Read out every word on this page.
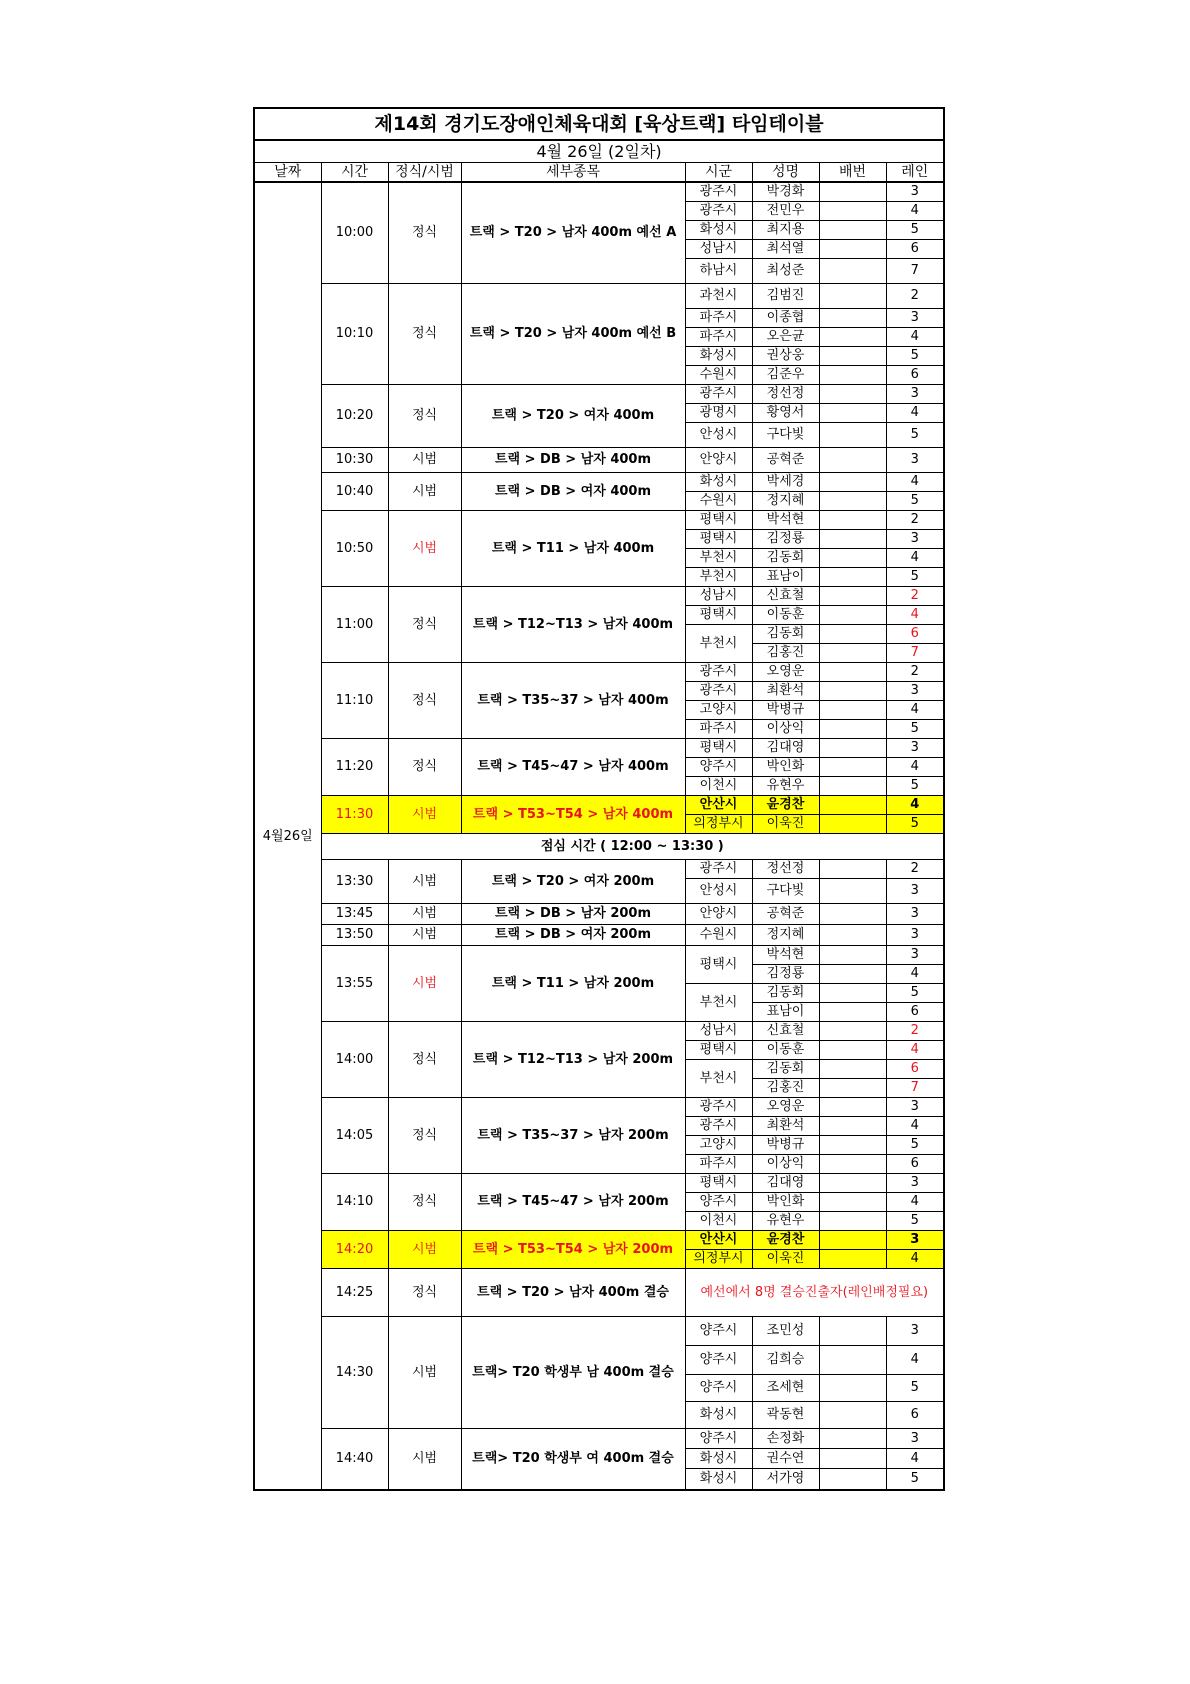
제14회 경기도장애인체육대회 [육상트랙] 타임테이블							
4월 26일 (2일차)							
날짜	시간	정식/시범	세부종목	시군	성명	배번	레인
4월26일	10:00	정식	트랙 > T20 > 남자 400m 예선 A	광주시	박경화		3
				광주시	전민우		4
				화성시	최지용		5
				성남시	최석열		6
				하남시	최성준		7
	10:10	정식	트랙 > T20 > 남자 400m 예선 B	과천시	김범진		2
				파주시	이종협		3
				파주시	오은균		4
				화성시	권상웅		5
				수원시	김준우		6
	10:20	정식	트랙 > T20 > 여자 400m	광주시	정선정		3
				광명시	황영서		4
				안성시	구다빛		5
	10:30	시범	트랙 > DB > 남자 400m	안양시	공혁준		3
	10:40	시범	트랙 > DB > 여자 400m	화성시	박세경		4
				수원시	정지혜		5
	10:50	시범	트랙 > T11 > 남자 400m	평택시	박석현		2
				평택시	김정룡		3
				부천시	김동회		4
				부천시	표남이		5
	11:00	정식	트랙 > T12~T13 > 남자 400m	성남시	신효철		2
				평택시	이동훈		4
				부천시	김동회		6
					김홍진		7
	11:10	정식	트랙 > T35~37 > 남자 400m	광주시	오영운		2
				광주시	최환석		3
				고양시	박병규		4
				파주시	이상익		5
	11:20	정식	트랙 > T45~47 > 남자 400m	평택시	김대영		3
				양주시	박인화		4
				이천시	유현우		5
	11:30	시범	트랙 > T53~T54 > 남자 400m	안산시	윤경찬		4
				의정부시	이욱진		5
	점심 시간 ( 12:00 ~ 13:30 )						
	13:30	시범	트랙 > T20 > 여자 200m	광주시	정선정		2
				안성시	구다빛		3
	13:45	시범	트랙 > DB > 남자 200m	안양시	공혁준		3
	13:50	시범	트랙 > DB > 여자 200m	수원시	정지혜		3
	13:55	시범	트랙 > T11 > 남자 200m	평택시	박석현		3
					김정룡		4
				부천시	김동회		5
					표남이		6
	14:00	정식	트랙 > T12~T13 > 남자 200m	성남시	신효철		2
				평택시	이동훈		4
				부천시	김동회		6
					김홍진		7
	14:05	정식	트랙 > T35~37 > 남자 200m	광주시	오영운		3
				광주시	최환석		4
				고양시	박병규		5
				파주시	이상익		6
	14:10	정식	트랙 > T45~47 > 남자 200m	평택시	김대영		3
				양주시	박인화		4
				이천시	유현우		5
	14:20	시범	트랙 > T53~T54 > 남자 200m	안산시	윤경찬		3
				의정부시	이욱진		4
	14:25	정식	트랙 > T20 > 남자 400m 결승	예선에서 8명 결승진출자(레인배정필요)			
	14:30	시범	트랙> T20 학생부 남 400m 결승	양주시	조민성		3
				양주시	김희승		4
				양주시	조세현		5
				화성시	곽동현		6
	14:40	시범	트랙> T20 학생부 여 400m 결승	양주시	손정화		3
				화성시	권수연		4
				화성시	서가영		5
